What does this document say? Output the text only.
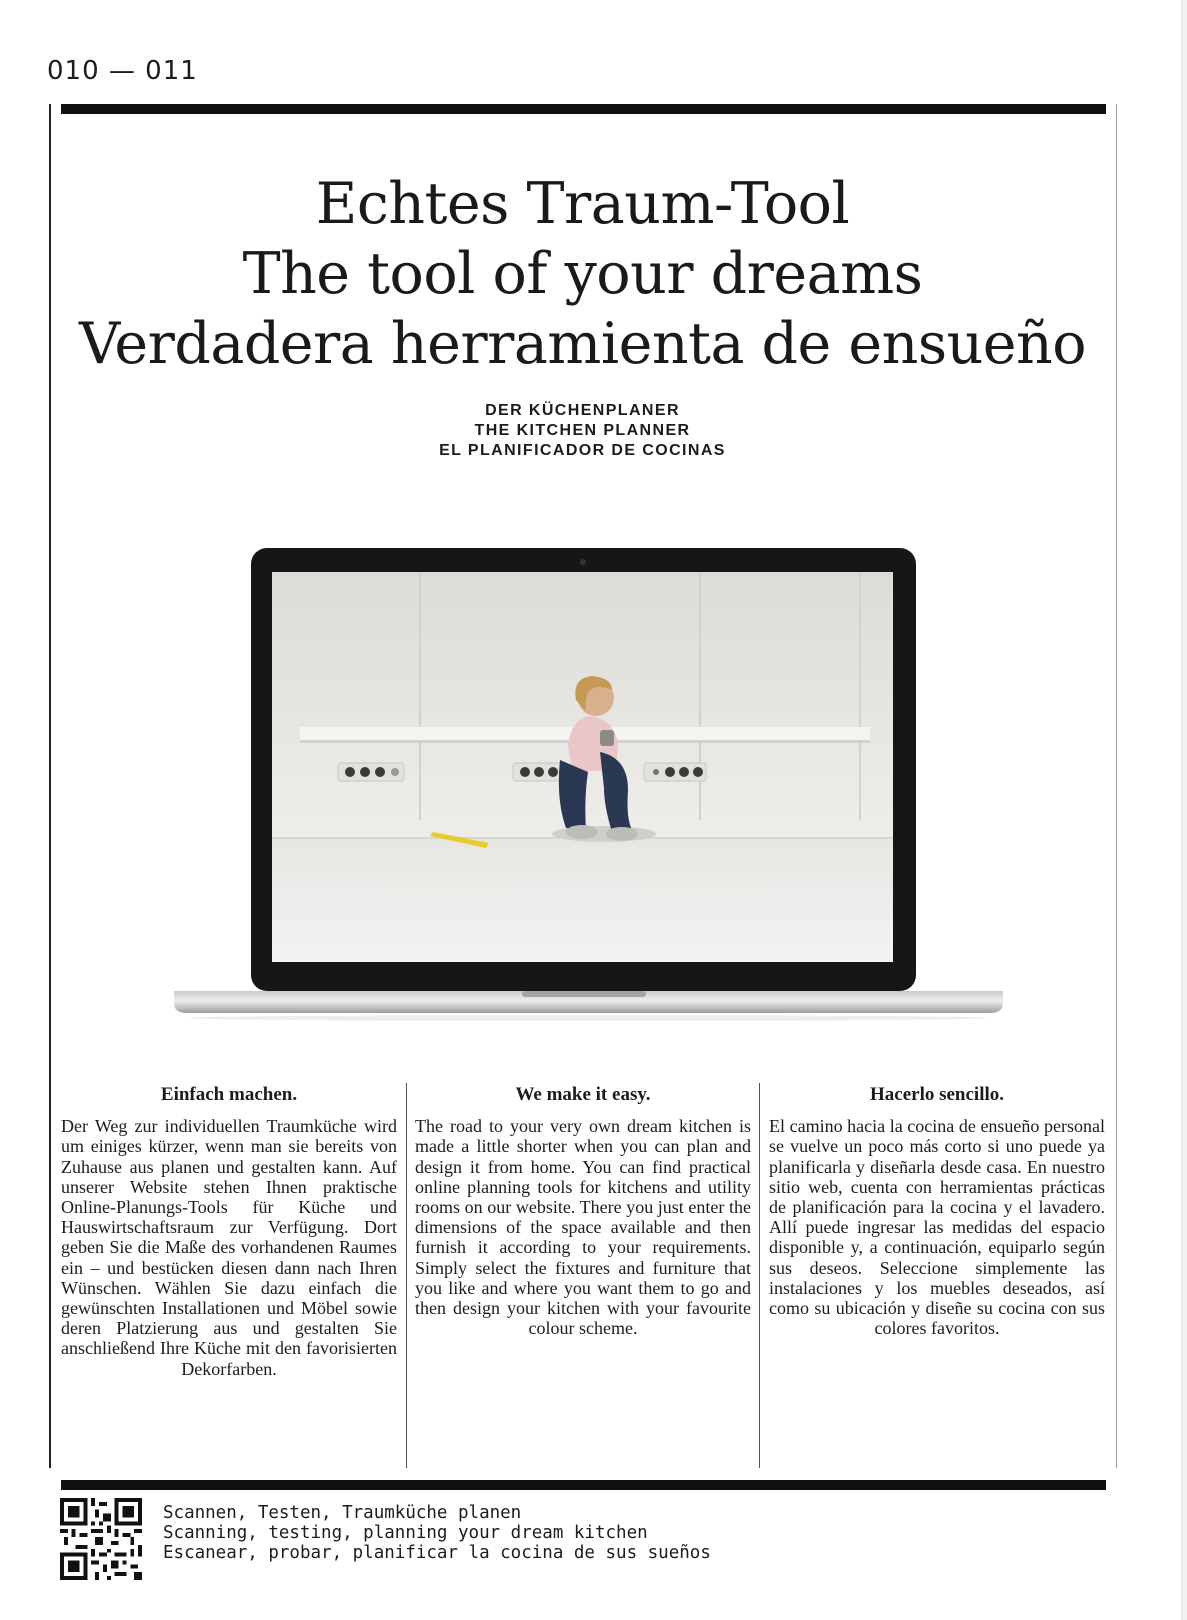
010 — 011
Echtes Traum-Tool
The tool of your dreams
Verdadera herramienta de ensueño
DER KÜCHENPLANER
THE KITCHEN PLANNER
EL PLANIFICADOR DE COCINAS
Einfach machen.
Der Weg zur individuellen Traumküche wird um einiges kürzer, wenn man sie bereits von Zuhause aus planen und gestalten kann. Auf unserer Website stehen Ihnen praktische Online-Planungs-Tools für Küche und Hauswirtschaftsraum zur Verfügung. Dort geben Sie die Maße des vorhandenen Raumes ein – und bestücken diesen dann nach Ihren Wünschen. Wählen Sie dazu einfach die gewünschten Installationen und Möbel sowie deren Platzierung aus und gestalten Sie anschließend Ihre Küche mit den favorisierten Dekorfarben.
We make it easy.
The road to your very own dream kitchen is made a little shorter when you can plan and design it from home. You can find practical online planning tools for kitchens and utility rooms on our website. There you just enter the dimensions of the space available and then furnish it according to your requirements. Simply select the fixtures and furniture that you like and where you want them to go and then design your kitchen with your favourite colour scheme.
Hacerlo sencillo.
El camino hacia la cocina de ensueño personal se vuelve un poco más corto si uno puede ya planificarla y diseñarla desde casa. En nuestro sitio web, cuenta con herramientas prácticas de planificación para la cocina y el lavadero. Allí puede ingresar las medidas del espacio disponible y, a continuación, equiparlo según sus deseos. Seleccione simplemente las instalaciones y los muebles deseados, así como su ubicación y diseñe su cocina con sus colores favoritos.
Scannen, Testen, Traumküche planen
Scanning, testing, planning your dream kitchen
Escanear, probar, planificar la cocina de sus sueños
